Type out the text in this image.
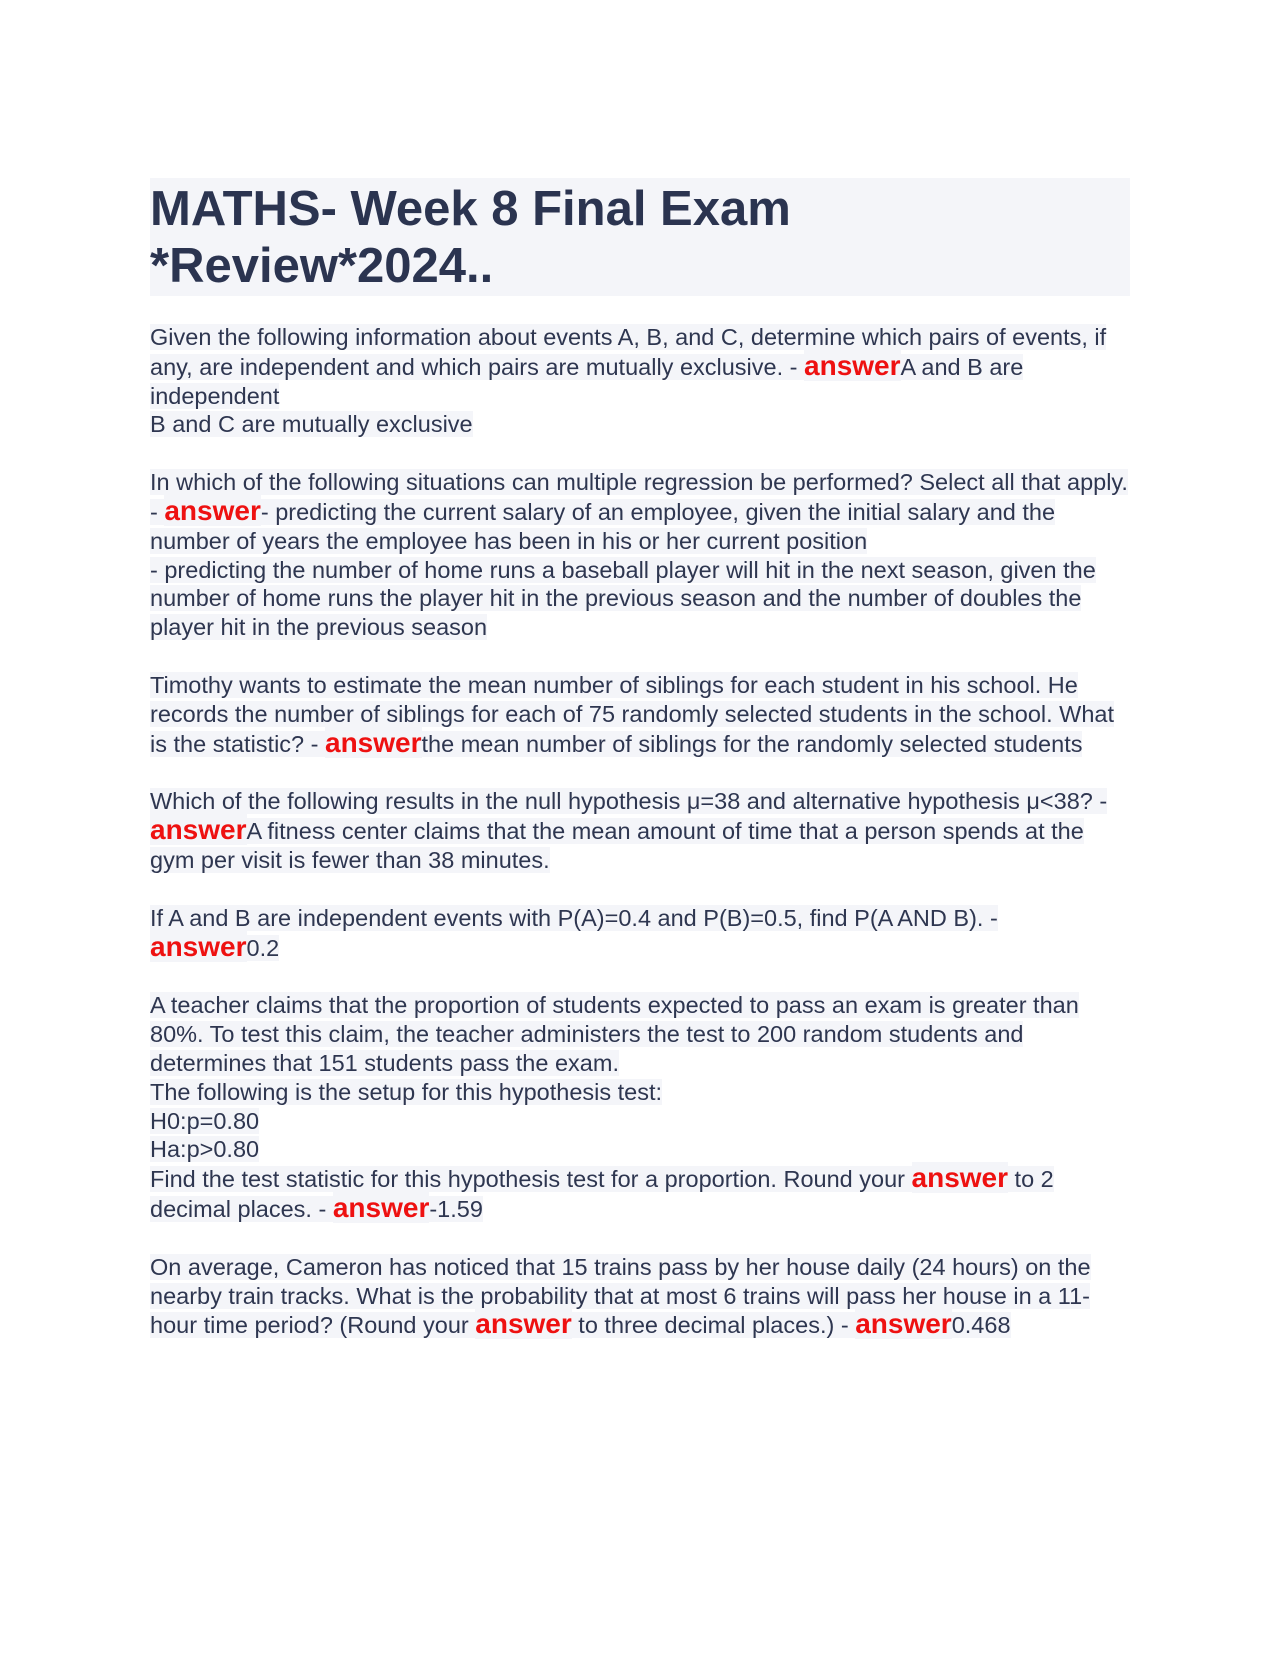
MATHS- Week 8 Final Exam
*Review*2024..
Given the following information about events A, B, and C, determine which pairs of events, if any, are independent and which pairs are mutually exclusive. - answerA and B are independent
B and C are mutually exclusive
In which of the following situations can multiple regression be performed? Select all that apply. - answer- predicting the current salary of an employee, given the initial salary and the number of years the employee has been in his or her current position
- predicting the number of home runs a baseball player will hit in the next season, given the number of home runs the player hit in the previous season and the number of doubles the player hit in the previous season
Timothy wants to estimate the mean number of siblings for each student in his school. He records the number of siblings for each of 75 randomly selected students in the school. What is the statistic? - answerthe mean number of siblings for the randomly selected students
Which of the following results in the null hypothesis μ=38 and alternative hypothesis μ<38? - answerA fitness center claims that the mean amount of time that a person spends at the gym per visit is fewer than 38 minutes.
If A and B are independent events with P(A)=0.4 and P(B)=0.5, find P(A AND B). - answer0.2
A teacher claims that the proportion of students expected to pass an exam is greater than 80%. To test this claim, the teacher administers the test to 200 random students and determines that 151 students pass the exam.
The following is the setup for this hypothesis test:
H0:p=0.80
Ha:p>0.80
Find the test statistic for this hypothesis test for a proportion. Round your answer to 2 decimal places. - answer-1.59
On average, Cameron has noticed that 15 trains pass by her house daily (24 hours) on the nearby train tracks. What is the probability that at most 6 trains will pass her house in a 11-hour time period? (Round your answer to three decimal places.) - answer0.468
